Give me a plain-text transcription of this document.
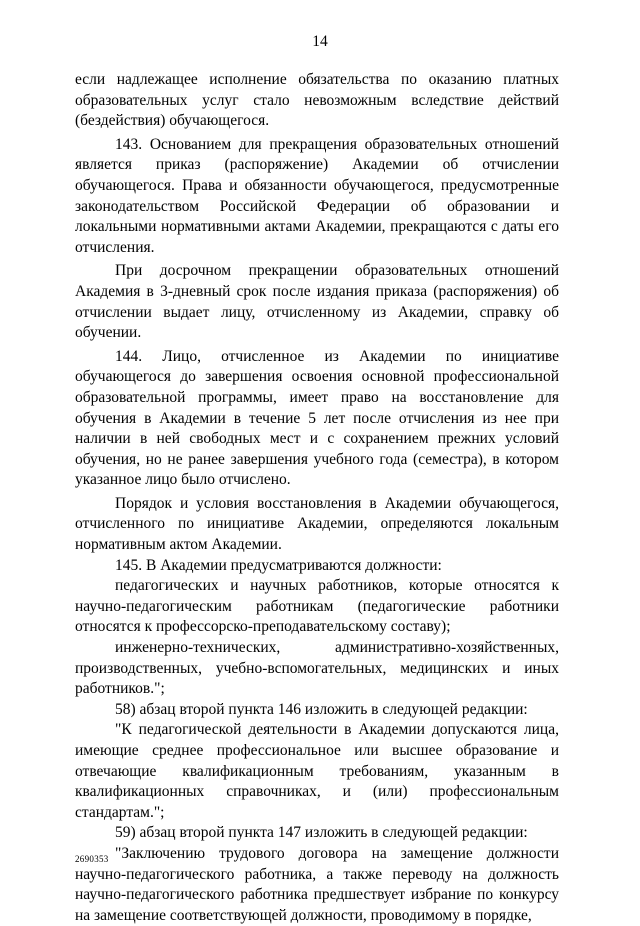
14

если надлежащее исполнение обязательства по оказанию платных образовательных услуг стало невозможным вследствие действий (бездействия) обучающегося.

143. Основанием для прекращения образовательных отношений является приказ (распоряжение) Академии об отчислении обучающегося. Права и обязанности обучающегося, предусмотренные законодательством Российской Федерации об образовании и локальными нормативными актами Академии, прекращаются с даты его отчисления.

При досрочном прекращении образовательных отношений Академия в 3-дневный срок после издания приказа (распоряжения) об отчислении выдает лицу, отчисленному из Академии, справку об обучении.

144. Лицо, отчисленное из Академии по инициативе обучающегося до завершения освоения основной профессиональной образовательной программы, имеет право на восстановление для обучения в Академии в течение 5 лет после отчисления из нее при наличии в ней свободных мест и с сохранением прежних условий обучения, но не ранее завершения учебного года (семестра), в котором указанное лицо было отчислено.

Порядок и условия восстановления в Академии обучающегося, отчисленного по инициативе Академии, определяются локальным нормативным актом Академии.

145. В Академии предусматриваются должности:

педагогических и научных работников, которые относятся к научно-педагогическим работникам (педагогические работники относятся к профессорско-преподавательскому составу);

инженерно-технических, административно-хозяйственных, производственных, учебно-вспомогательных, медицинских и иных работников.";

58) абзац второй пункта 146 изложить в следующей редакции:

"К педагогической деятельности в Академии допускаются лица, имеющие среднее профессиональное или высшее образование и отвечающие квалификационным требованиям, указанным в квалификационных справочниках, и (или) профессиональным стандартам.";

59) абзац второй пункта 147 изложить в следующей редакции:

"Заключению трудового договора на замещение должности научно-педагогического работника, а также переводу на должность научно-педагогического работника предшествует избрание по конкурсу на замещение соответствующей должности, проводимому в порядке,

2690353
